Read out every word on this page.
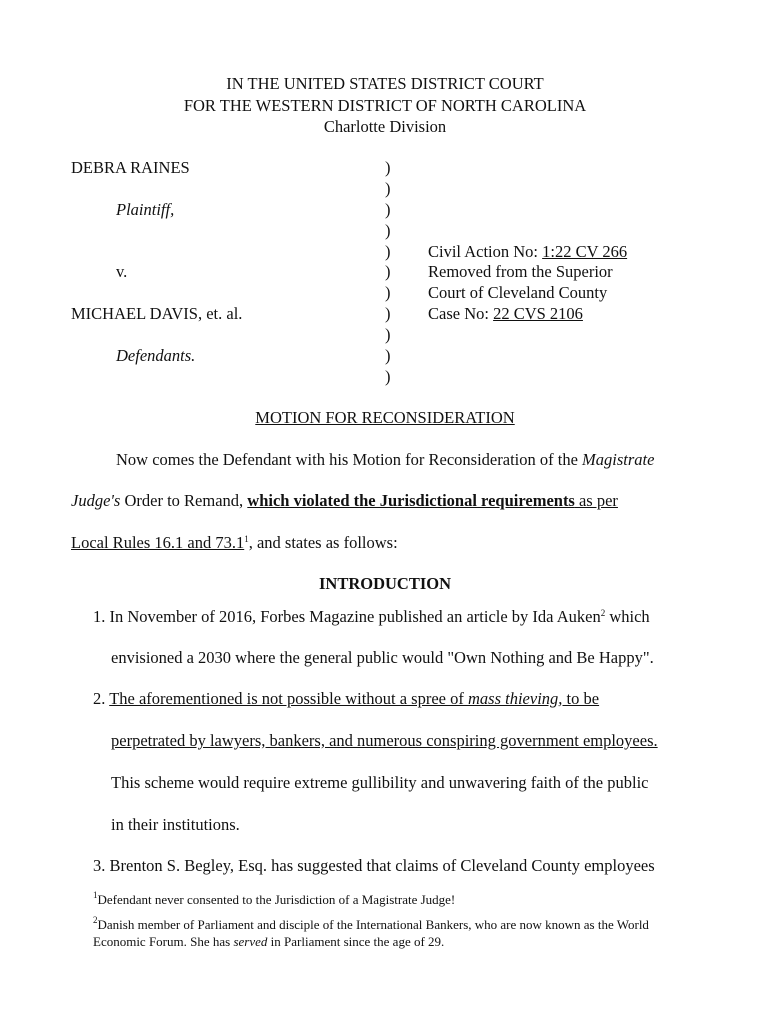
IN THE UNITED STATES DISTRICT COURT
FOR THE WESTERN DISTRICT OF NORTH CAROLINA
Charlotte Division
DEBRA RAINES
Plaintiff,
v.
MICHAEL DAVIS, et. al.
Defendants.
)
)
)
)
)
)
)
)
)
)
)
Civil Action No: 1:22 CV 266
Removed from the Superior
Court of Cleveland County
Case No: 22 CVS 2106
MOTION FOR RECONSIDERATION
Now comes the Defendant with his Motion for Reconsideration of the Magistrate
Judge's Order to Remand, which violated the Jurisdictional requirements as per
Local Rules 16.1 and 73.1$^1$, and states as follows:
INTRODUCTION
1. In November of 2016, Forbes Magazine published an article by Ida Auken$^2$ which
envisioned a 2030 where the general public would "Own Nothing and Be Happy".
2. The aforementioned is not possible without a spree of mass thieving, to be
perpetrated by lawyers, bankers, and numerous conspiring government employees.
This scheme would require extreme gullibility and unwavering faith of the public
in their institutions.
3. Brenton S. Begley, Esq. has suggested that claims of Cleveland County employees
$^1$Defendant never consented to the Jurisdiction of a Magistrate Judge!
$^2$Danish member of Parliament and disciple of the International Bankers, who are now known as the World
Economic Forum. She has served in Parliament since the age of 29.
